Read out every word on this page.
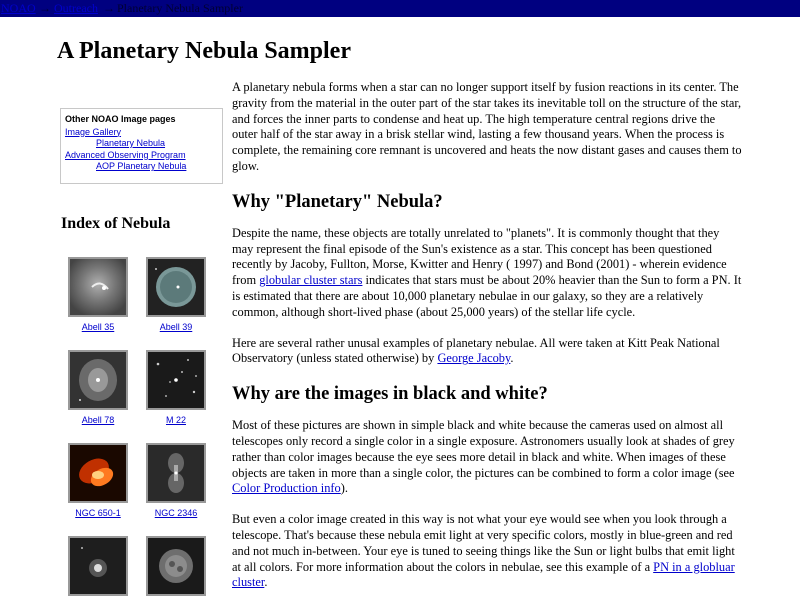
NOAO → Outreach → Planetary Nebula Sampler
A Planetary Nebula Sampler
Other NOAO Image pages
Image Gallery
Planetary Nebula
Advanced Observing Program
AOP Planetary Nebula
Index of Nebula
Abell 35	Abell 39
Abell 78	M 22
NGC 650-1	NGC 2346

A planetary nebula forms when a star can no longer support itself by fusion reactions in its center. The gravity from the material in the outer part of the star takes its inevitable toll on the structure of the star, and forces the inner parts to condense and heat up. The high temperature central regions drive the outer half of the star away in a brisk stellar wind, lasting a few thousand years. When the process is complete, the remaining core remnant is uncovered and heats the now distant gases and causes them to glow.

Why "Planetary" Nebula?

Despite the name, these objects are totally unrelated to "planets". It is commonly thought that they may represent the final episode of the Sun's existence as a star. This concept has been questioned recently by Jacoby, Fullton, Morse, Kwitter and Henry ( 1997) and Bond (2001) - wherein evidence from globular cluster stars indicates that stars must be about 20% heavier than the Sun to form a PN. It is estimated that there are about 10,000 planetary nebulae in our galaxy, so they are a relatively common, although short-lived phase (about 25,000 years) of the stellar life cycle.

Here are several rather unusal examples of planetary nebulae. All were taken at Kitt Peak National Observatory (unless stated otherwise) by George Jacoby.

Why are the images in black and white?

Most of these pictures are shown in simple black and white because the cameras used on almost all telescopes only record a single color in a single exposure. Astronomers usually look at shades of grey rather than color images because the eye sees more detail in black and white. When images of these objects are taken in more than a single color, the pictures can be combined to form a color image (see Color Production info).

But even a color image created in this way is not what your eye would see when you look through a telescope. That's because these nebula emit light at very specific colors, mostly in blue-green and red and not much in-between. Your eye is tuned to seeing things like the Sun or light bulbs that emit light at all colors. For more information about the colors in nebulae, see this example of a PN in a globluar cluster.
